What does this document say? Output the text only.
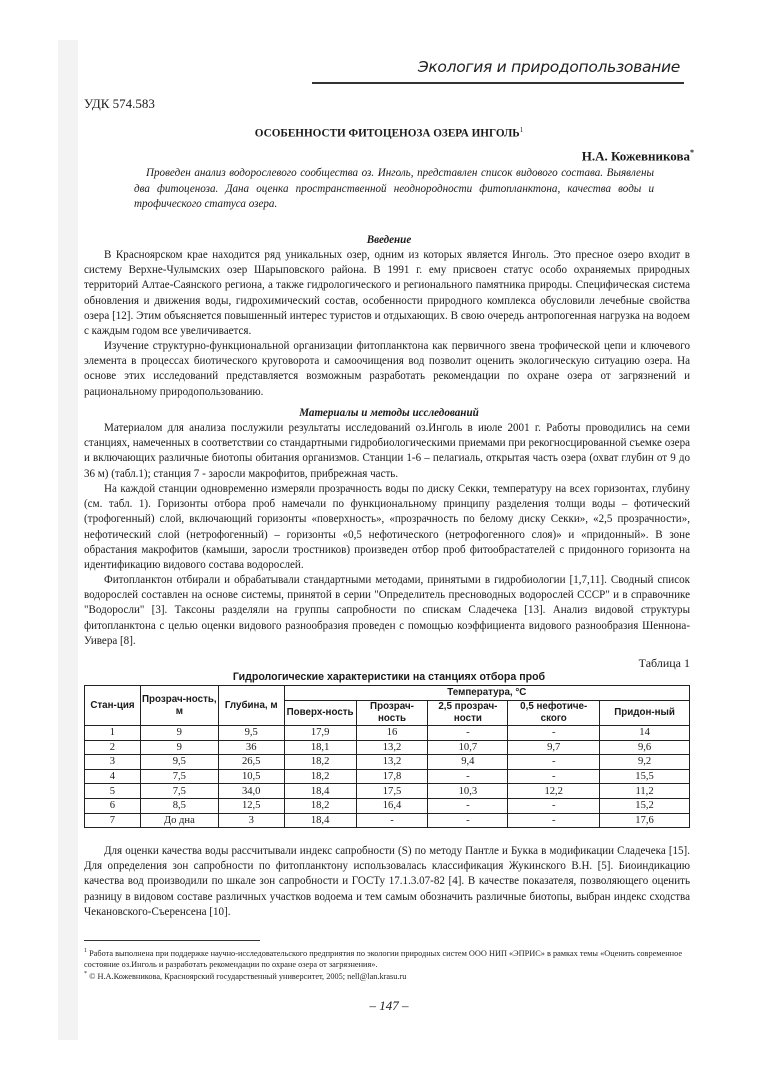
Экология и природопользование
УДК 574.583
ОСОБЕННОСТИ ФИТОЦЕНОЗА ОЗЕРА ИНГОЛЬ$^1$
Н.А. Кожевникова*
Проведен анализ водорослевого сообщества оз. Инголь, представлен список видового состава. Выявлены два фитоценоза. Дана оценка пространственной неоднородности фитопланктона, качества воды и трофического статуса озера.
Введение
В Красноярском крае находится ряд уникальных озер, одним из которых является Инголь. Это пресное озеро входит в систему Верхне-Чулымских озер Шарыповского района. В 1991 г. ему присвоен статус особо охраняемых природных территорий Алтае-Саянского региона, а также гидрологического и регионального памятника природы. Специфическая система обновления и движения воды, гидрохимический состав, особенности природного комплекса обусловили лечебные свойства озера [12]. Этим объясняется повышенный интерес туристов и отдыхающих. В свою очередь антропогенная нагрузка на водоем с каждым годом все увеличивается.
Изучение структурно-функциональной организации фитопланктона как первичного звена трофической цепи и ключевого элемента в процессах биотического круговорота и самоочищения вод позволит оценить экологическую ситуацию озера. На основе этих исследований представляется возможным разработать рекомендации по охране озера от загрязнений и рациональному природопользованию.
Материалы и методы исследований
Материалом для анализа послужили результаты исследований оз.Инголь в июле 2001 г. Работы проводились на семи станциях, намеченных в соответствии со стандартными гидробиологическими приемами при рекогносцированной съемке озера и включающих различные биотопы обитания организмов. Станции 1-6 – пелагиаль, открытая часть озера (охват глубин от 9 до 36 м) (табл.1); станция 7 - заросли макрофитов, прибрежная часть.
На каждой станции одновременно измеряли прозрачность воды по диску Секки, температуру на всех горизонтах, глубину (см. табл. 1). Горизонты отбора проб намечали по функциональному принципу разделения толщи воды – фотический (трофогенный) слой, включающий горизонты «поверхность», «прозрачность по белому диску Секки», «2,5 прозрачности», нефотический слой (нетрофогенный) – горизонты «0,5 нефотического (нетрофогенного слоя)» и «придонный». В зоне обрастания макрофитов (камыши, заросли тростников) произведен отбор проб фитообрастателей с придонного горизонта на идентификацию видового состава водорослей.
Фитопланктон отбирали и обрабатывали стандартными методами, принятыми в гидробиологии [1,7,11]. Сводный список водорослей составлен на основе системы, принятой в серии "Определитель пресноводных водорослей СССР" и в справочнике "Водоросли" [3]. Таксоны разделяли на группы сапробности по спискам Сладечека [13]. Анализ видовой структуры фитопланктона с целью оценки видового разнообразия проведен с помощью коэффициента видового разнообразия Шеннона-Уивера [8].
Таблица 1
Гидрологические характеристики на станциях отбора проб
Стан-ция	Прозрач-ность, м	Глубина, м	Температура, °С				
			Поверх-ность	Прозрач-ность	2,5 прозрач-ности	0,5 нефотиче-ского	Придон-ный
1	9	9,5	17,9	16	-	-	14
2	9	36	18,1	13,2	10,7	9,7	9,6
3	9,5	26,5	18,2	13,2	9,4	-	9,2
4	7,5	10,5	18,2	17,8	-	-	15,5
5	7,5	34,0	18,4	17,5	10,3	12,2	11,2
6	8,5	12,5	18,2	16,4	-	-	15,2
7	До дна	3	18,4	-	-	-	17,6
Для оценки качества воды рассчитывали индекс сапробности (S) по методу Пантле и Букка в модификации Сладечека [15]. Для определения зон сапробности по фитопланктону использовалась классификация Жукинского В.Н. [5]. Биоиндикацию качества вод производили по шкале зон сапробности и ГОСТу 17.1.3.07-82 [4]. В качестве показателя, позволяющего оценить разницу в видовом составе различных участков водоема и тем самым обозначить различные биотопы, выбран индекс сходства Чекановского-Съеренсена [10].
$^1$ Работа выполнена при поддержке научно-исследовательского предприятия по экологии природных систем ООО НИП «ЭПРИС» в рамках темы «Оценить современное состояние оз.Инголь и разработать рекомендации по охране озера от загрязнения».
* © Н.А.Кожевникова, Красноярский государственный университет, 2005; nell@lan.krasu.ru
– 147 –
